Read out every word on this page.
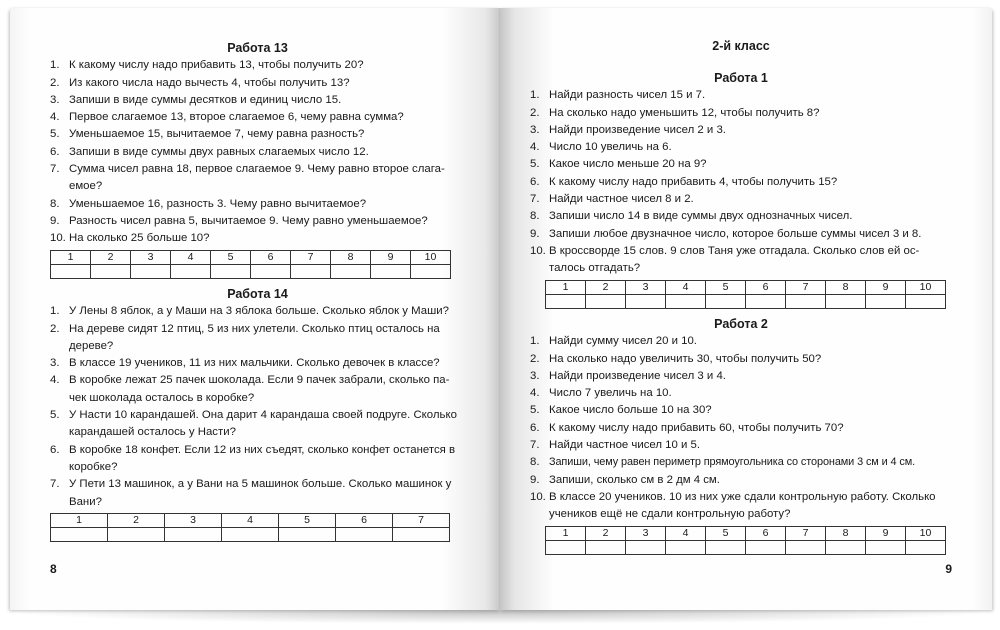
Работа 13

1. К какому числу надо прибавить 13, чтобы получить 20?
2. Из какого числа надо вычесть 4, чтобы получить 13?
3. Запиши в виде суммы десятков и единиц число 15.
4. Первое слагаемое 13, второе слагаемое 6, чему равна сумма?
5. Уменьшаемое 15, вычитаемое 7, чему равна разность?
6. Запиши в виде суммы двух равных слагаемых число 12.
7. Сумма чисел равна 18, первое слагаемое 9. Чему равно второе слага-
емое?
8. Уменьшаемое 16, разность 3. Чему равно вычитаемое?
9. Разность чисел равна 5, вычитаемое 9. Чему равно уменьшаемое?
10. На сколько 25 больше 10?
1	2	3	4	5	6	7	8	9	10

Работа 14

1. У Лены 8 яблок, а у Маши на 3 яблока больше. Сколько яблок у Маши?
2. На дереве сидят 12 птиц, 5 из них улетели. Сколько птиц осталось на
дереве?
3. В классе 19 учеников, 11 из них мальчики. Сколько девочек в классе?
4. В коробке лежат 25 пачек шоколада. Если 9 пачек забрали, сколько па-
чек шоколада осталось в коробке?
5. У Насти 10 карандашей. Она дарит 4 карандаша своей подруге. Сколько
карандашей осталось у Насти?
6. В коробке 18 конфет. Если 12 из них съедят, сколько конфет останется в
коробке?
7. У Пети 13 машинок, а у Вани на 5 машинок больше. Сколько машинок у
Вани?
1	2	3	4	5	6	7

8
2-й класс

Работа 1

1. Найди разность чисел 15 и 7.
2. На сколько надо уменьшить 12, чтобы получить 8?
3. Найди произведение чисел 2 и 3.
4. Число 10 увеличь на 6.
5. Какое число меньше 20 на 9?
6. К какому числу надо прибавить 4, чтобы получить 15?
7. Найди частное чисел 8 и 2.
8. Запиши число 14 в виде суммы двух однозначных чисел.
9. Запиши любое двузначное число, которое больше суммы чисел 3 и 8.
10. В кроссворде 15 слов. 9 слов Таня уже отгадала. Сколько слов ей ос-
талось отгадать?
1	2	3	4	5	6	7	8	9	10

Работа 2

1. Найди сумму чисел 20 и 10.
2. На сколько надо увеличить 30, чтобы получить 50?
3. Найди произведение чисел 3 и 4.
4. Число 7 увеличь на 10.
5. Какое число больше 10 на 30?
6. К какому числу надо прибавить 60, чтобы получить 70?
7. Найди частное чисел 10 и 5.
8. Запиши, чему равен периметр прямоугольника со сторонами 3 см и 4 см.
9. Запиши, сколько см в 2 дм 4 см.
10. В классе 20 учеников. 10 из них уже сдали контрольную работу. Сколько
учеников ещё не сдали контрольную работу?
1	2	3	4	5	6	7	8	9	10

9
